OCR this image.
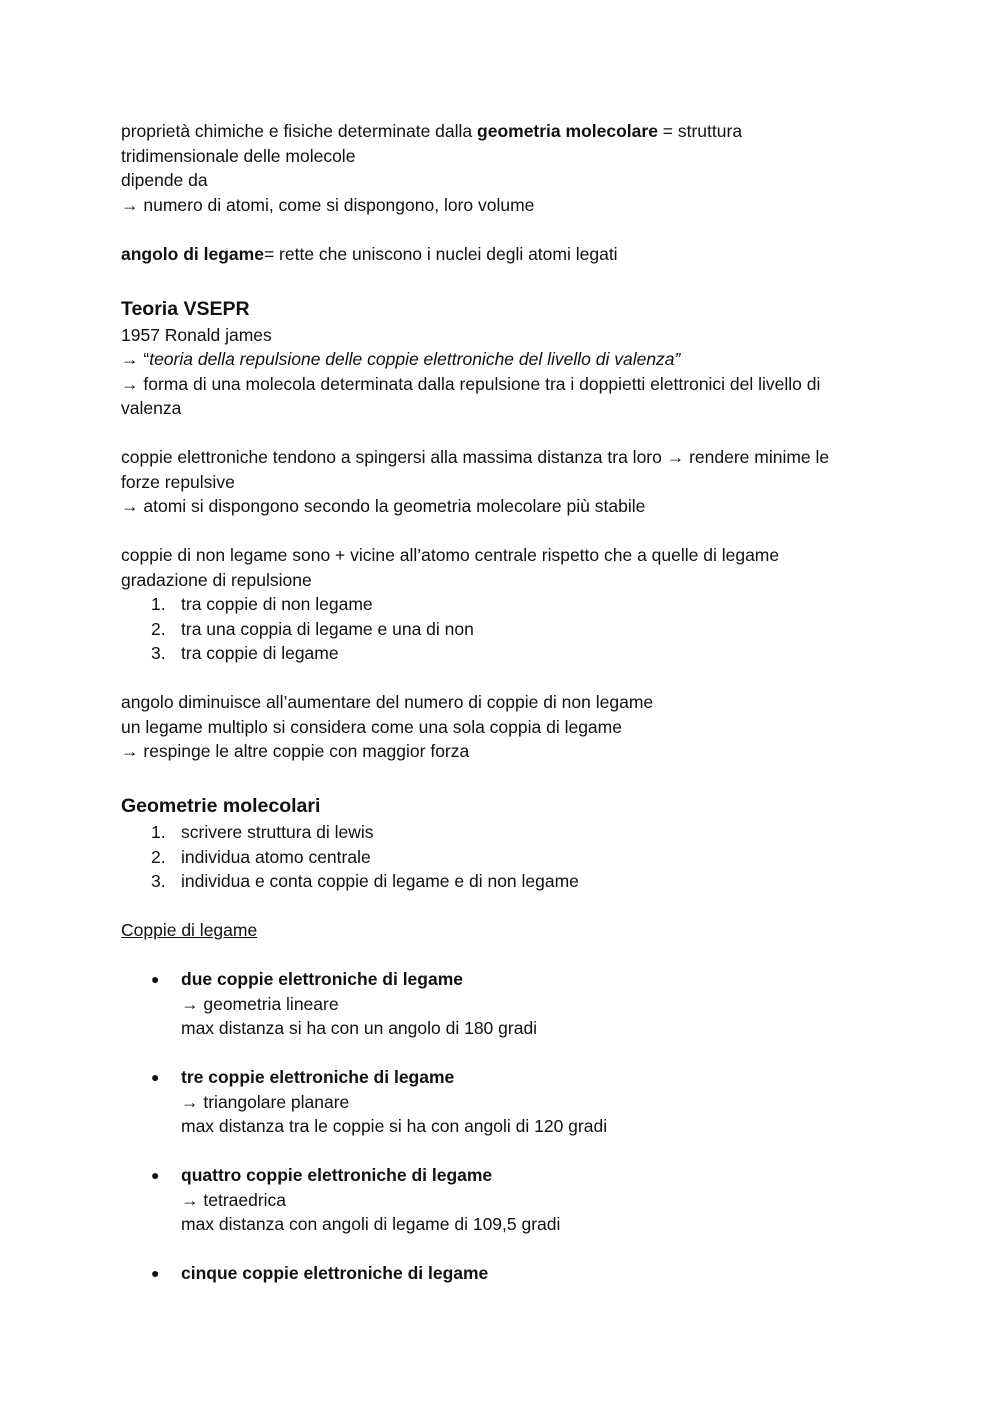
proprietà chimiche e fisiche determinate dalla geometria molecolare = struttura
tridimensionale delle molecole
dipende da
→ numero di atomi, come si dispongono, loro volume
angolo di legame= rette che uniscono i nuclei degli atomi legati
Teoria VSEPR
1957 Ronald james
→ “teoria della repulsione delle coppie elettroniche del livello di valenza”
→ forma di una molecola determinata dalla repulsione tra i doppietti elettronici del livello di
valenza
coppie elettroniche tendono a spingersi alla massima distanza tra loro → rendere minime le
forze repulsive
→ atomi si dispongono secondo la geometria molecolare più stabile
coppie di non legame sono + vicine all’atomo centrale rispetto che a quelle di legame
gradazione di repulsione
1. tra coppie di non legame
2. tra una coppia di legame e una di non
3. tra coppie di legame
angolo diminuisce all’aumentare del numero di coppie di non legame
un legame multiplo si considera come una sola coppia di legame
→ respinge le altre coppie con maggior forza
Geometrie molecolari
1. scrivere struttura di lewis
2. individua atomo centrale
3. individua e conta coppie di legame e di non legame
Coppie di legame
● due coppie elettroniche di legame
→ geometria lineare
max distanza si ha con un angolo di 180 gradi
● tre coppie elettroniche di legame
→ triangolare planare
max distanza tra le coppie si ha con angoli di 120 gradi
● quattro coppie elettroniche di legame
→ tetraedrica
max distanza con angoli di legame di 109,5 gradi
● cinque coppie elettroniche di legame
